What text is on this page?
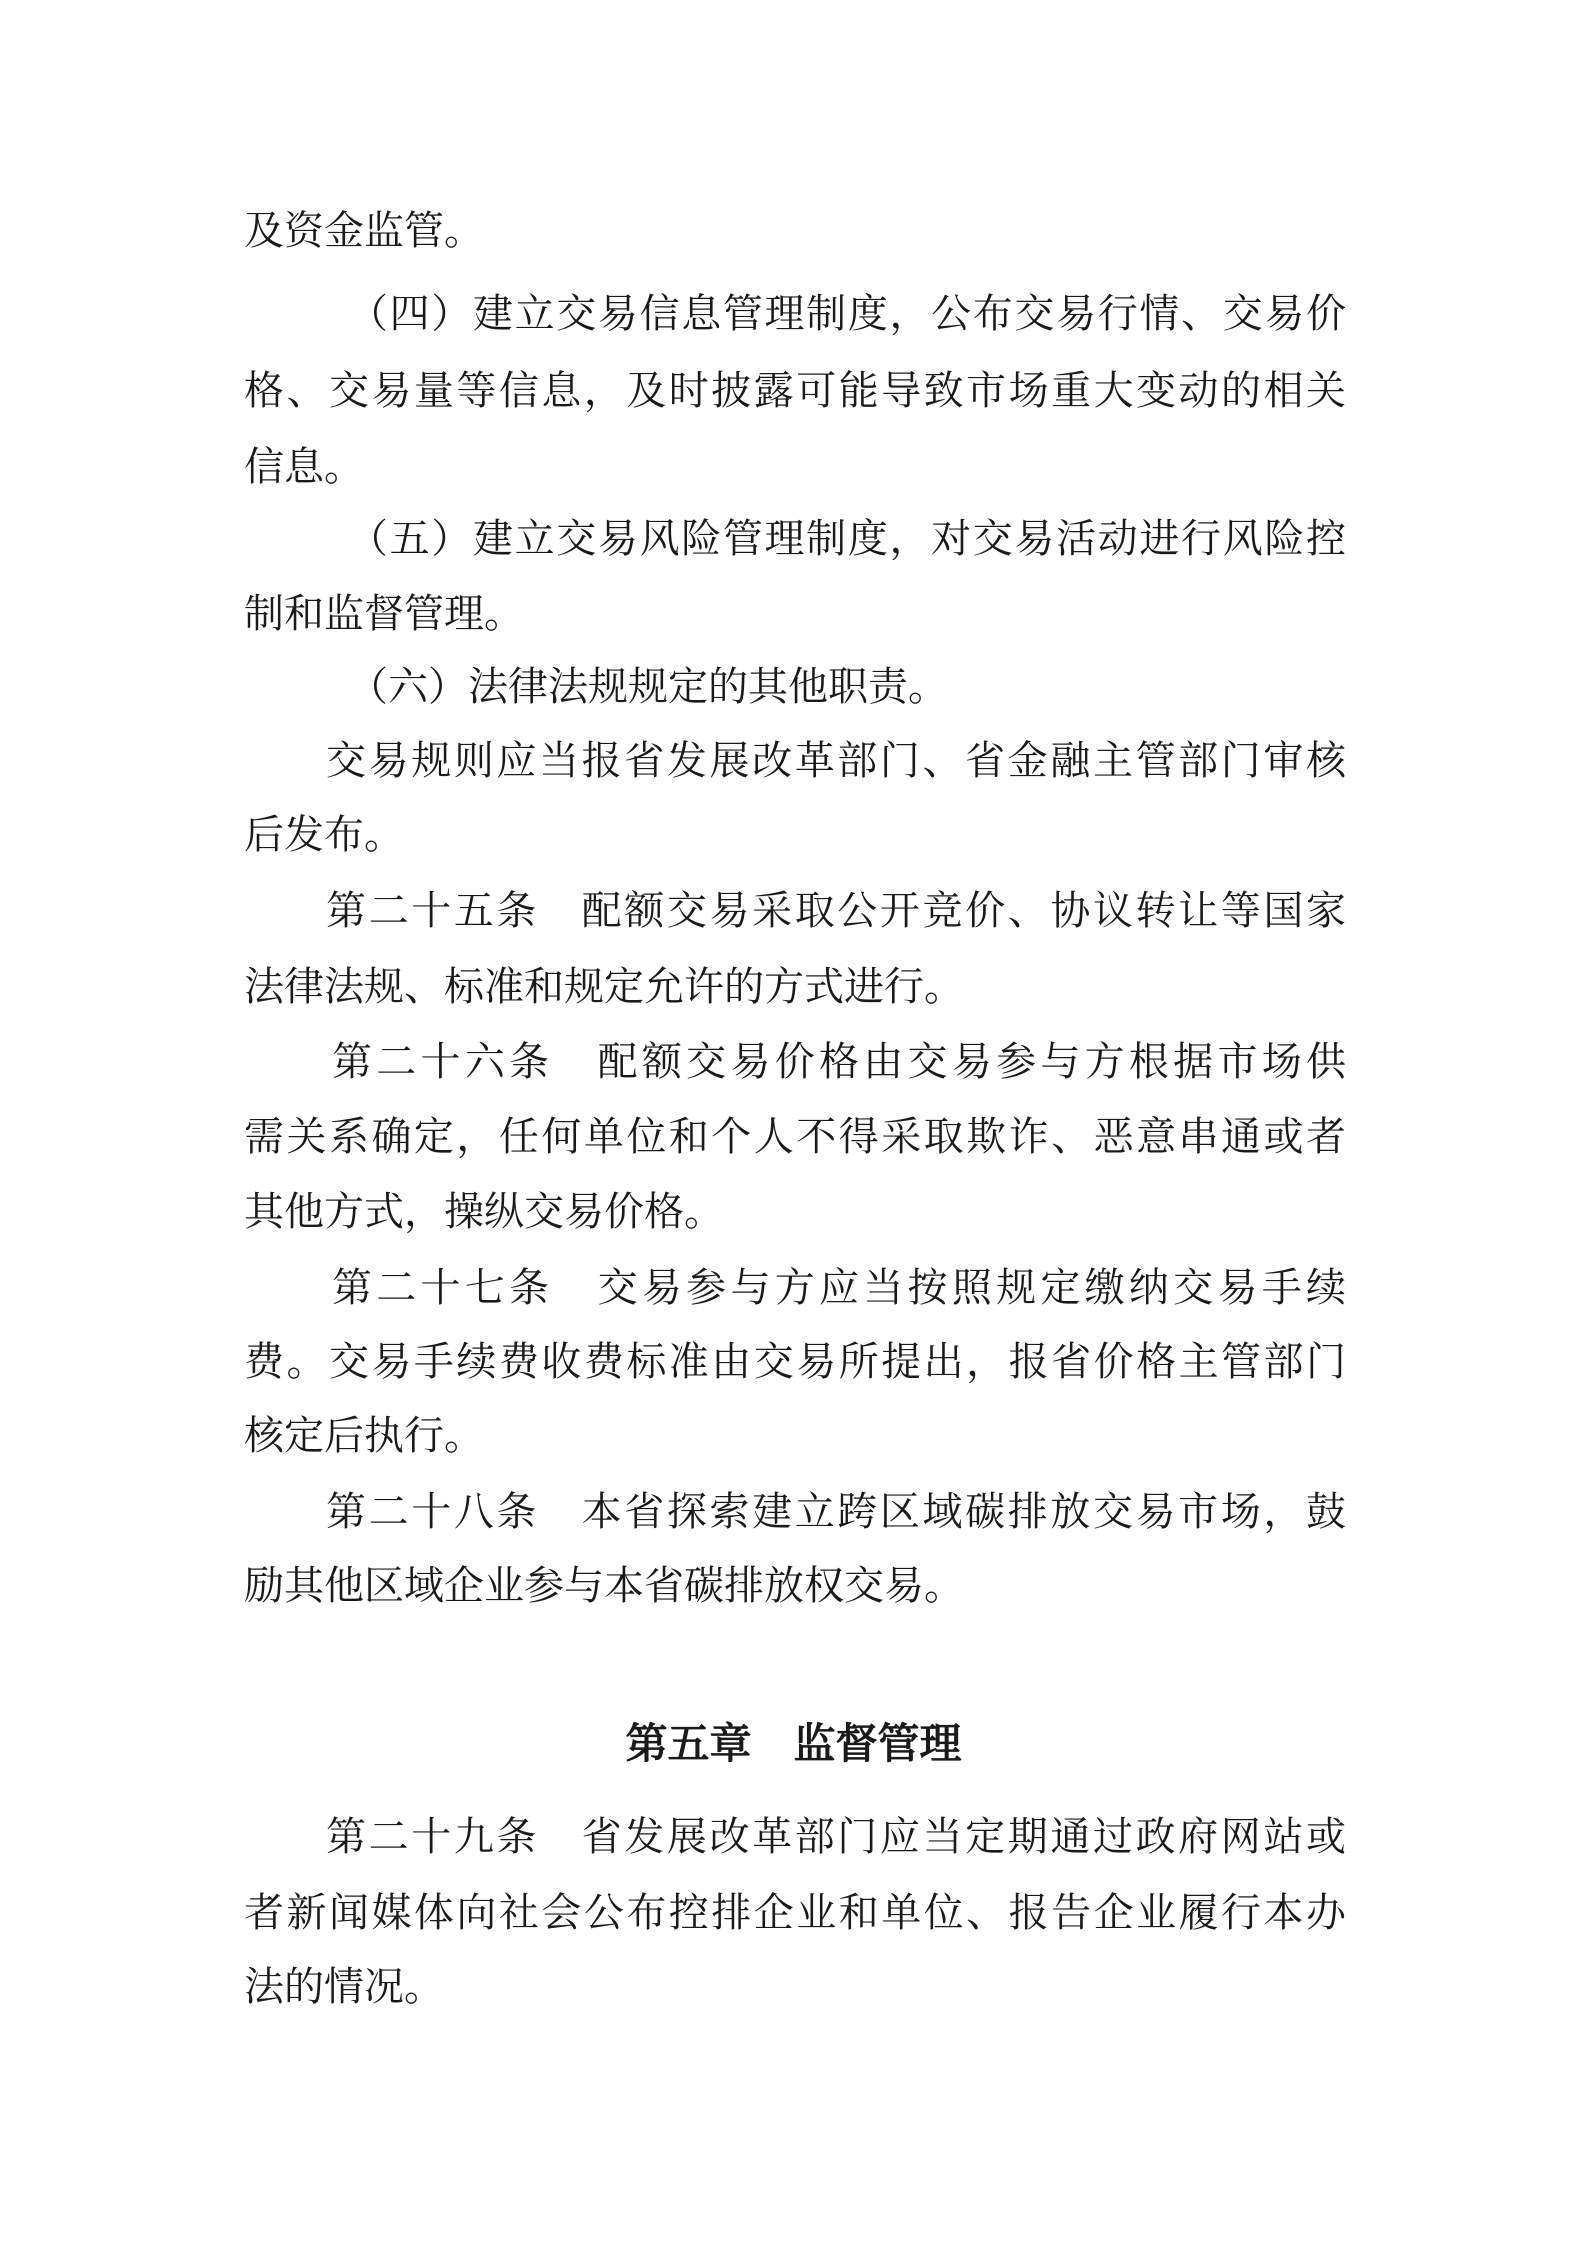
及资金监管。
（四）建立交易信息管理制度，公布交易行情、交易价
格、交易量等信息，及时披露可能导致市场重大变动的相关
信息。
（五）建立交易风险管理制度，对交易活动进行风险控
制和监督管理。
（六）法律法规规定的其他职责。
交易规则应当报省发展改革部门、省金融主管部门审核
后发布。
第二十五条　配额交易采取公开竞价、协议转让等国家
法律法规、标准和规定允许的方式进行。
第二十六条　配额交易价格由交易参与方根据市场供
需关系确定，任何单位和个人不得采取欺诈、恶意串通或者
其他方式，操纵交易价格。
第二十七条　交易参与方应当按照规定缴纳交易手续
费。交易手续费收费标准由交易所提出，报省价格主管部门
核定后执行。
第二十八条　本省探索建立跨区域碳排放交易市场，鼓
励其他区域企业参与本省碳排放权交易。
第五章　监督管理
第二十九条　省发展改革部门应当定期通过政府网站或
者新闻媒体向社会公布控排企业和单位、报告企业履行本办
法的情况。
